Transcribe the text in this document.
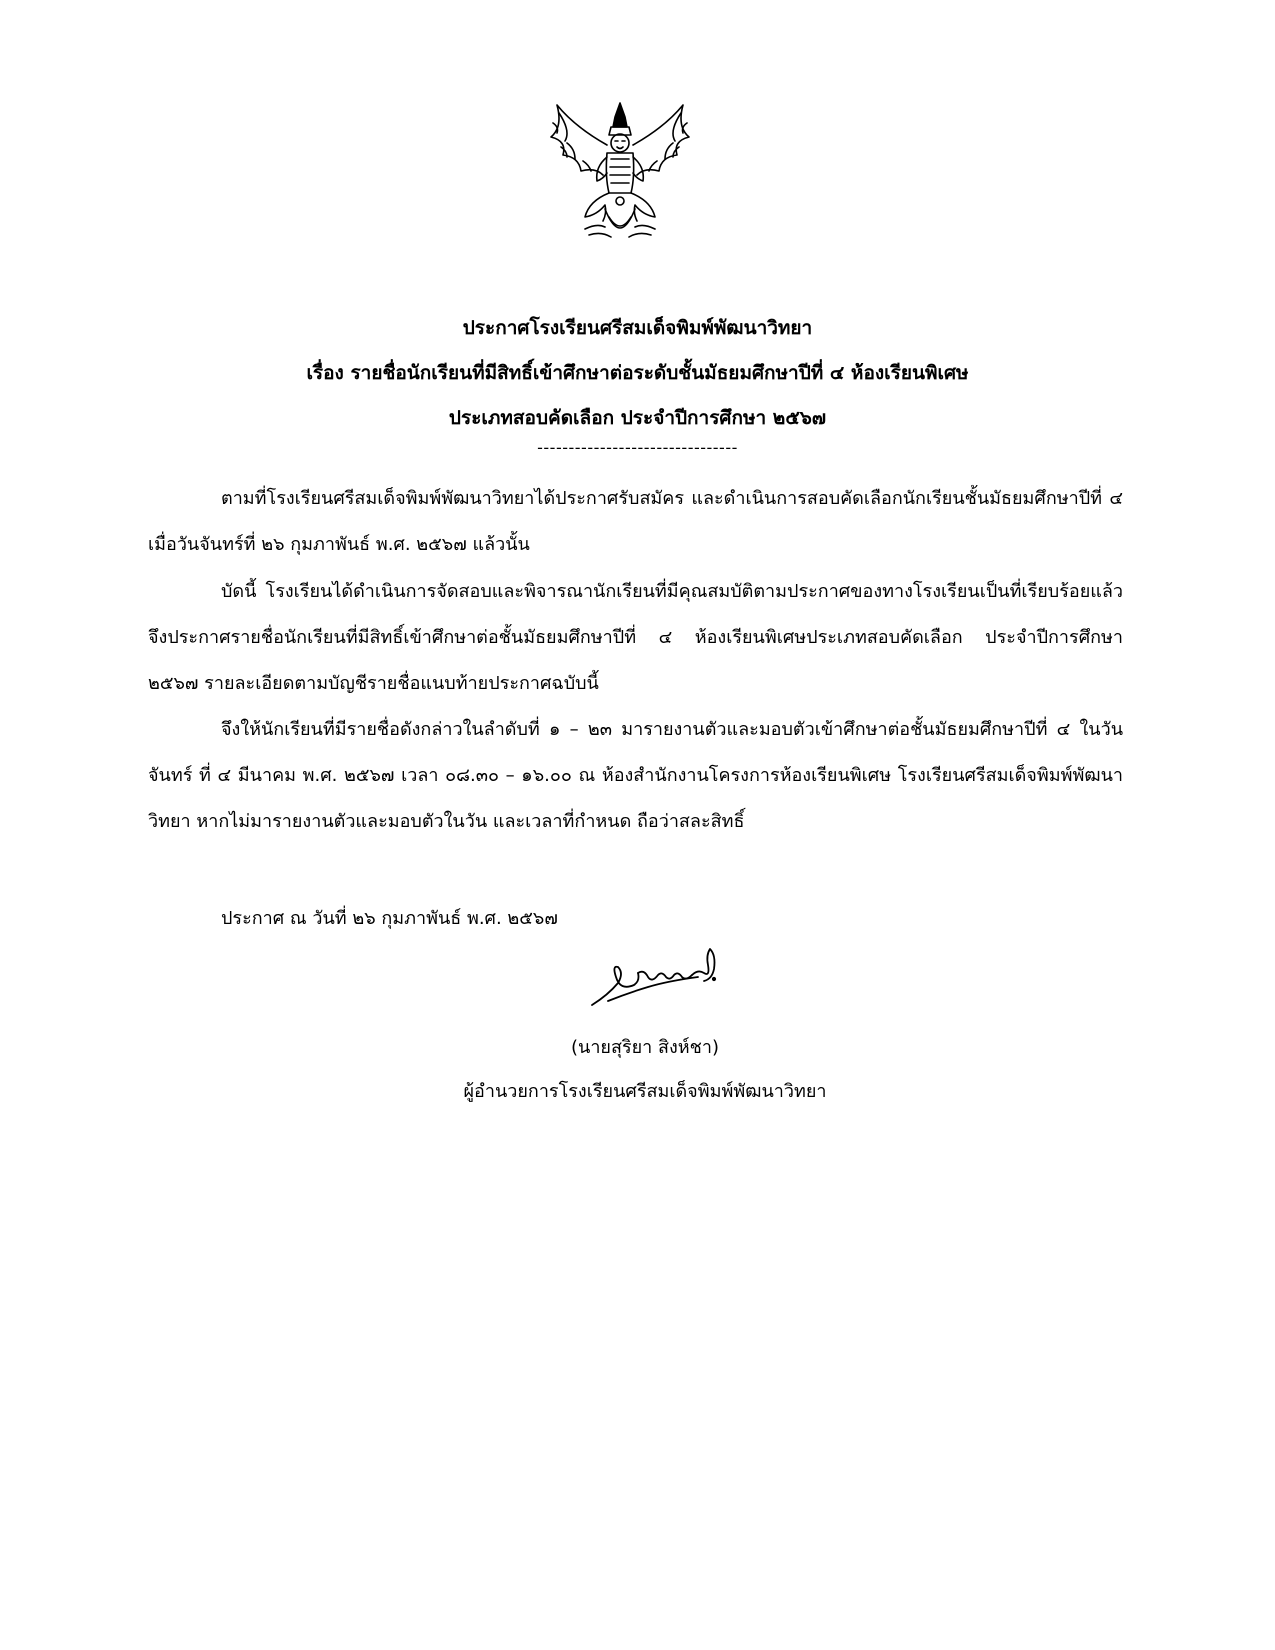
ประกาศโรงเรียนศรีสมเด็จพิมพ์พัฒนาวิทยา
เรื่อง รายชื่อนักเรียนที่มีสิทธิ์เข้าศึกษาต่อระดับชั้นมัธยมศึกษาปีที่ ๔ ห้องเรียนพิเศษ
ประเภทสอบคัดเลือก ประจำปีการศึกษา ๒๕๖๗
--------------------------------
ตามที่โรงเรียนศรีสมเด็จพิมพ์พัฒนาวิทยาได้ประกาศรับสมัคร และดำเนินการสอบคัดเลือกนักเรียนชั้นมัธยมศึกษาปีที่ ๔ เมื่อวันจันทร์ที่ ๒๖ กุมภาพันธ์ พ.ศ. ๒๕๖๗ แล้วนั้น
บัดนี้ โรงเรียนได้ดำเนินการจัดสอบและพิจารณานักเรียนที่มีคุณสมบัติตามประกาศของทางโรงเรียนเป็นที่เรียบร้อยแล้ว จึงประกาศรายชื่อนักเรียนที่มีสิทธิ์เข้าศึกษาต่อชั้นมัธยมศึกษาปีที่ ๔ ห้องเรียนพิเศษประเภทสอบคัดเลือก ประจำปีการศึกษา ๒๕๖๗ รายละเอียดตามบัญชีรายชื่อแนบท้ายประกาศฉบับนี้
จึงให้นักเรียนที่มีรายชื่อดังกล่าวในลำดับที่ ๑ – ๒๓ มารายงานตัวและมอบตัวเข้าศึกษาต่อชั้นมัธยมศึกษาปีที่ ๔ ในวันจันทร์ ที่ ๔ มีนาคม พ.ศ. ๒๕๖๗ เวลา ๐๘.๓๐ – ๑๖.๐๐ ณ ห้องสำนักงานโครงการห้องเรียนพิเศษ โรงเรียนศรีสมเด็จพิมพ์พัฒนาวิทยา หากไม่มารายงานตัวและมอบตัวในวัน และเวลาที่กำหนด ถือว่าสละสิทธิ์
ประกาศ ณ วันที่ ๒๖ กุมภาพันธ์ พ.ศ. ๒๕๖๗
(นายสุริยา สิงห์ชา)
ผู้อำนวยการโรงเรียนศรีสมเด็จพิมพ์พัฒนาวิทยา
